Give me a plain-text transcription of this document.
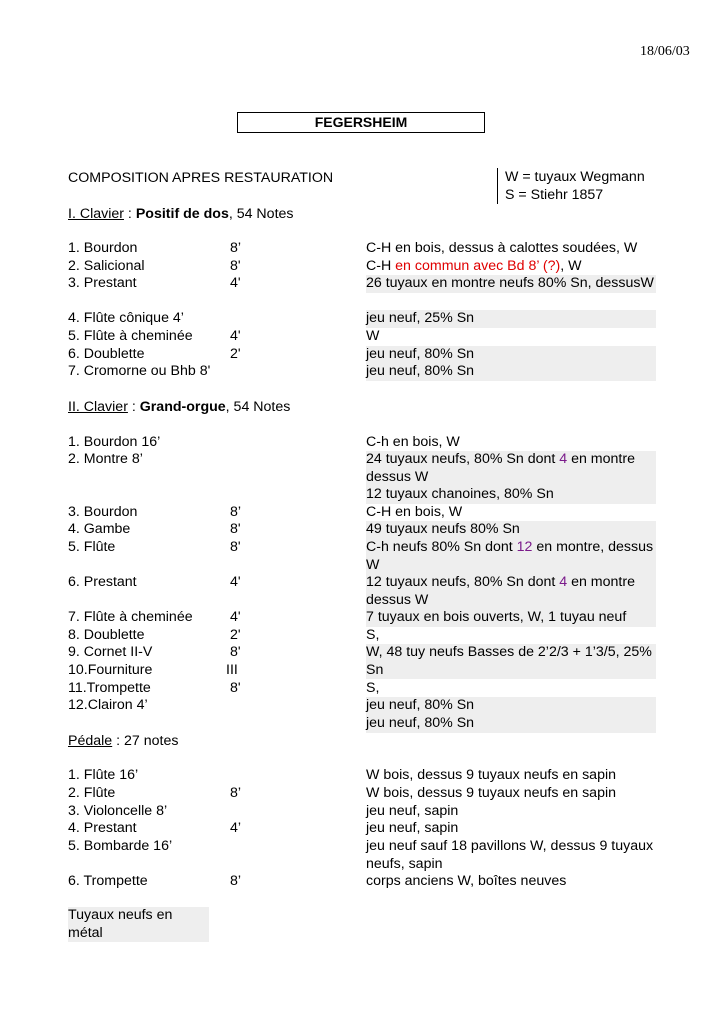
18/06/03
FEGERSHEIM
COMPOSITION APRES RESTAURATION	W = tuyaux Wegmann
S = Stiehr 1857
I. Clavier : Positif de dos, 54 Notes
1. Bourdon	8’	C-H en bois, dessus à calottes soudées, W
2. Salicional	8'	C-H en commun avec Bd 8’ (?), W
3. Prestant	4'	26 tuyaux en montre neufs 80% Sn, dessusW
4. Flûte cônique 4’	jeu neuf, 25% Sn
5. Flûte à cheminée	4'	W
6. Doublette	2'	jeu neuf, 80% Sn
7. Cromorne ou Bhb 8'	jeu neuf, 80% Sn
II. Clavier : Grand-orgue, 54 Notes
1. Bourdon 16’	C-h en bois, W
2. Montre 8’	24 tuyaux neufs, 80% Sn dont 4 en montre dessus W
12 tuyaux chanoines, 80% Sn
3. Bourdon	8’	C-H en bois, W
4. Gambe	8'	49 tuyaux neufs 80% Sn
5. Flûte	8'	C-h neufs 80% Sn dont 12 en montre, dessus W
6. Prestant	4'	12 tuyaux neufs, 80% Sn dont 4 en montre dessus W
7. Flûte à cheminée	4'	7 tuyaux en bois ouverts, W, 1 tuyau neuf
8. Doublette	2'	S,
9. Cornet II-V	8'	W, 48 tuy neufs Basses de 2’2/3 + 1’3/5, 25% Sn
10.Fourniture	III
11.Trompette	8'	S,
12.Clairon 4’	jeu neuf, 80% Sn
jeu neuf, 80% Sn
Pédale : 27 notes
1. Flûte 16’	W bois, dessus 9 tuyaux neufs en sapin
2. Flûte	8’	W bois, dessus 9 tuyaux neufs en sapin
3. Violoncelle 8’	jeu neuf, sapin
4. Prestant	4’	jeu neuf, sapin
5. Bombarde 16’	jeu neuf sauf 18 pavillons W, dessus 9 tuyaux neufs, sapin
6. Trompette	8’	corps anciens W, boîtes neuves
Tuyaux neufs en métal
